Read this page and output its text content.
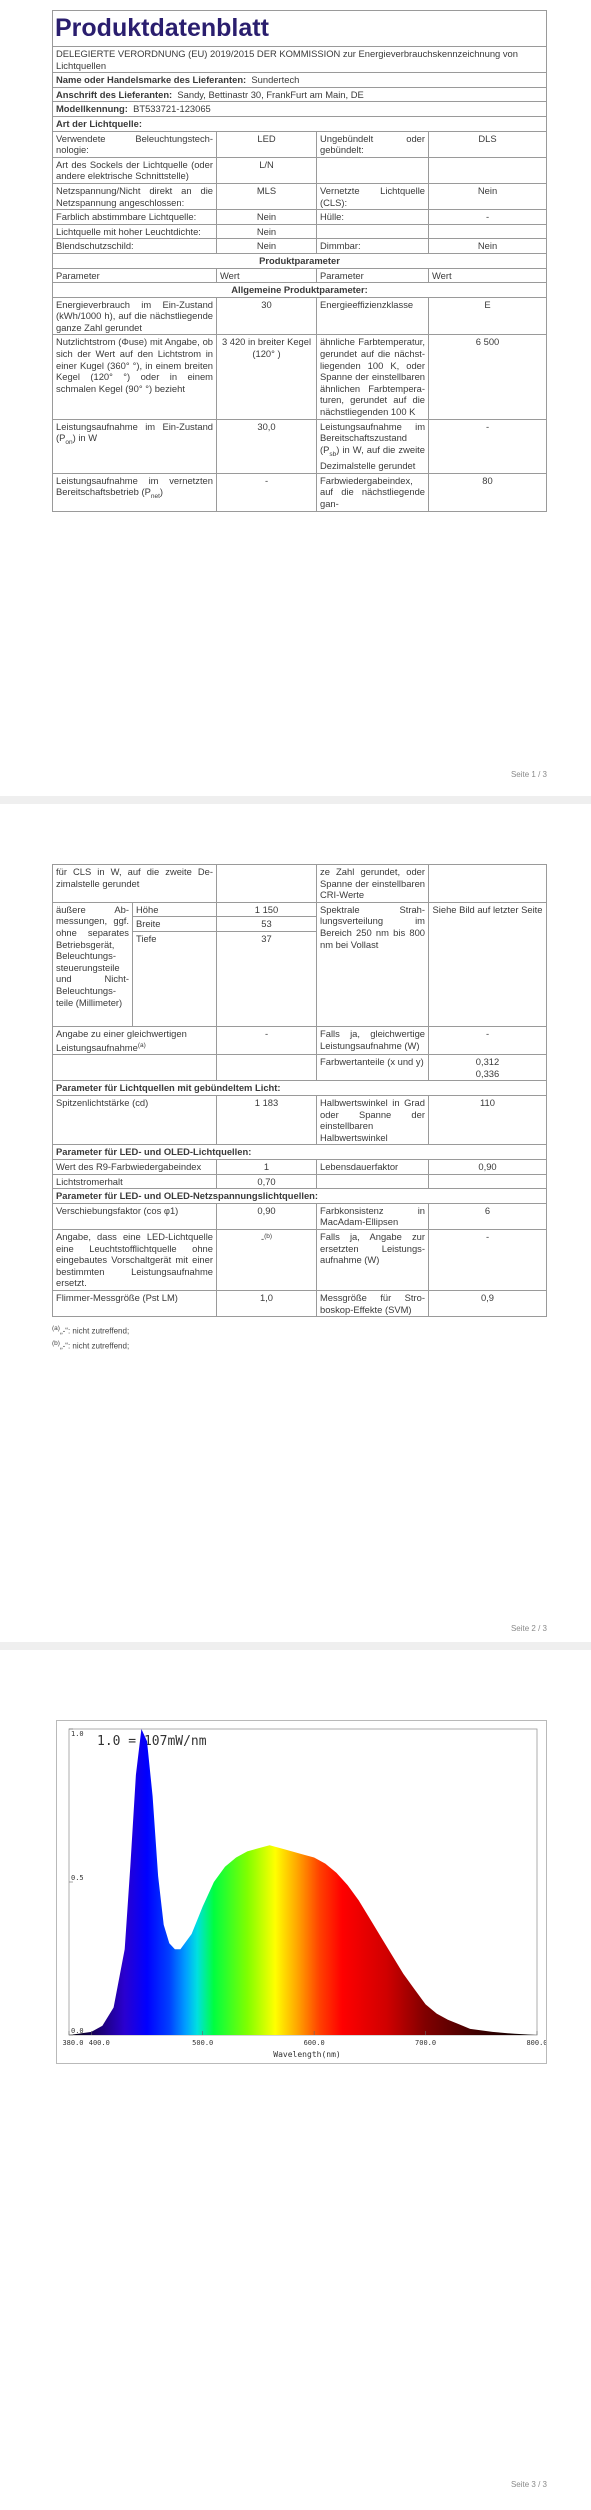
Produktdatenblatt			
DELEGIERTE VERORDNUNG (EU) 2019/2015 DER KOMMISSION zur Energieverbrauchskennzeichnung von Lichtquellen			
Name oder Handelsmarke des Lieferanten: Sundertech			
Anschrift des Lieferanten: Sandy, Bettinastr 30, FrankFurt am Main, DE			
Modellkennung: BT533721-123065			
Art der Lichtquelle:			
Verwendete Beleuchtungstechnologie:	LED	Ungebündelt oder gebündelt:	DLS
Art des Sockels der Lichtquelle (oder andere elektrische Schnittstelle)	L/N		
Netzspannung/Nicht direkt an die Netzspannung angeschlossen:	MLS	Vernetzte Lichtquelle (CLS):	Nein
Farblich abstimmbare Lichtquelle:	Nein	Hülle:	-
Lichtquelle mit hoher Leuchtdichte:	Nein		
Blendschutzschild:	Nein	Dimmbar:	Nein
Produktparameter			
Parameter	Wert	Parameter	Wert
Allgemeine Produktparameter:			
Energieverbrauch im Ein-Zustand (kWh/1000 h), auf die nächstliegende ganze Zahl gerundet	30	Energieeffizienzklasse	E
Nutzlichtstrom (Φuse) mit Angabe, ob sich der Wert auf den Lichtstrom in einer Kugel (360° °), in einem breiten Kegel (120° °) oder in einem schmalen Kegel (90° °) bezieht	3 420 in breiter Kegel (120° )	ähnliche Farbtemperatur, gerundet auf die nächstliegenden 100 K, oder Spanne der einstellbaren ähnlichen Farbtemperaturen, gerundet auf die nächstliegenden 100 K	6 500
Leistungsaufnahme im Ein-Zustand $(P_{on})$ in W	30,0	Leistungsaufnahme im Bereitschaftszustand $(P_{sb})$ in W, auf die zweite Dezimalstelle gerundet	-
Leistungsaufnahme im vernetzten Bereitschaftsbetrieb $(P_{net})$	-	Farbwiedergabeindex, auf die nächstliegende gan-	80
Seite 1 / 3
für CLS in W, auf die zweite Dezimalstelle gerundet			ze Zahl gerundet, oder Spanne der einstellbaren CRI-Werte	
äußere Abmessungen, ggf. ohne separates Betriebsgerät, Beleuchtungssteuerungsteile und Nicht-Beleuchtungsteile (Millimeter)	Höhe	1 150	Spektrale Strahlungsverteilung im Bereich 250 nm bis 800 nm bei Vollast	Siehe Bild auf letzter Seite
	Breite	53		
	Tiefe	37		
Angabe zu einer gleichwertigen Leistungsaufnahme$^{(a)}$		-	Falls ja, gleichwertige Leistungsaufnahme (W)	-
			Farbwertanteile (x und y)	0,312
0,336

Parameter für Lichtquellen mit gebündeltem Licht:				
Spitzenlichtstärke (cd)		1 183	Halbwertswinkel in Grad oder Spanne der einstellbaren Halbwertswinkel	110
Parameter für LED- und OLED-Lichtquellen:				
Wert des R9-Farbwiedergabeindex		1	Lebensdauerfaktor	0,90
Lichtstromerhalt		0,70		
Parameter für LED- und OLED-Netzspannungslichtquellen:				
Verschiebungsfaktor (cos φ1)		0,90	Farbkonsistenz in MacAdam-Ellipsen	6
Angabe, dass eine LED-Lichtquelle eine Leuchtstofflichtquelle ohne eingebautes Vorschaltgerät mit einer bestimmten Leistungsaufnahme ersetzt.		-$^{(b)}$	Falls ja, Angabe zur ersetzten Leistungsaufnahme (W)	-
Flimmer-Messgröße (Pst LM)		1,0	Messgröße für Stroboskop-Effekte (SVM)	0,9
$^{(a)}$„-“: nicht zutreffend;
$^{(b)}$„-“: nicht zutreffend;
Seite 2 / 3
Seite 3 / 3
1.0 = 107mW/nm
Wavelength(nm)
0.0
0.5
1.0
380.0 400.0	500.0	600.0	700.0	800.0
